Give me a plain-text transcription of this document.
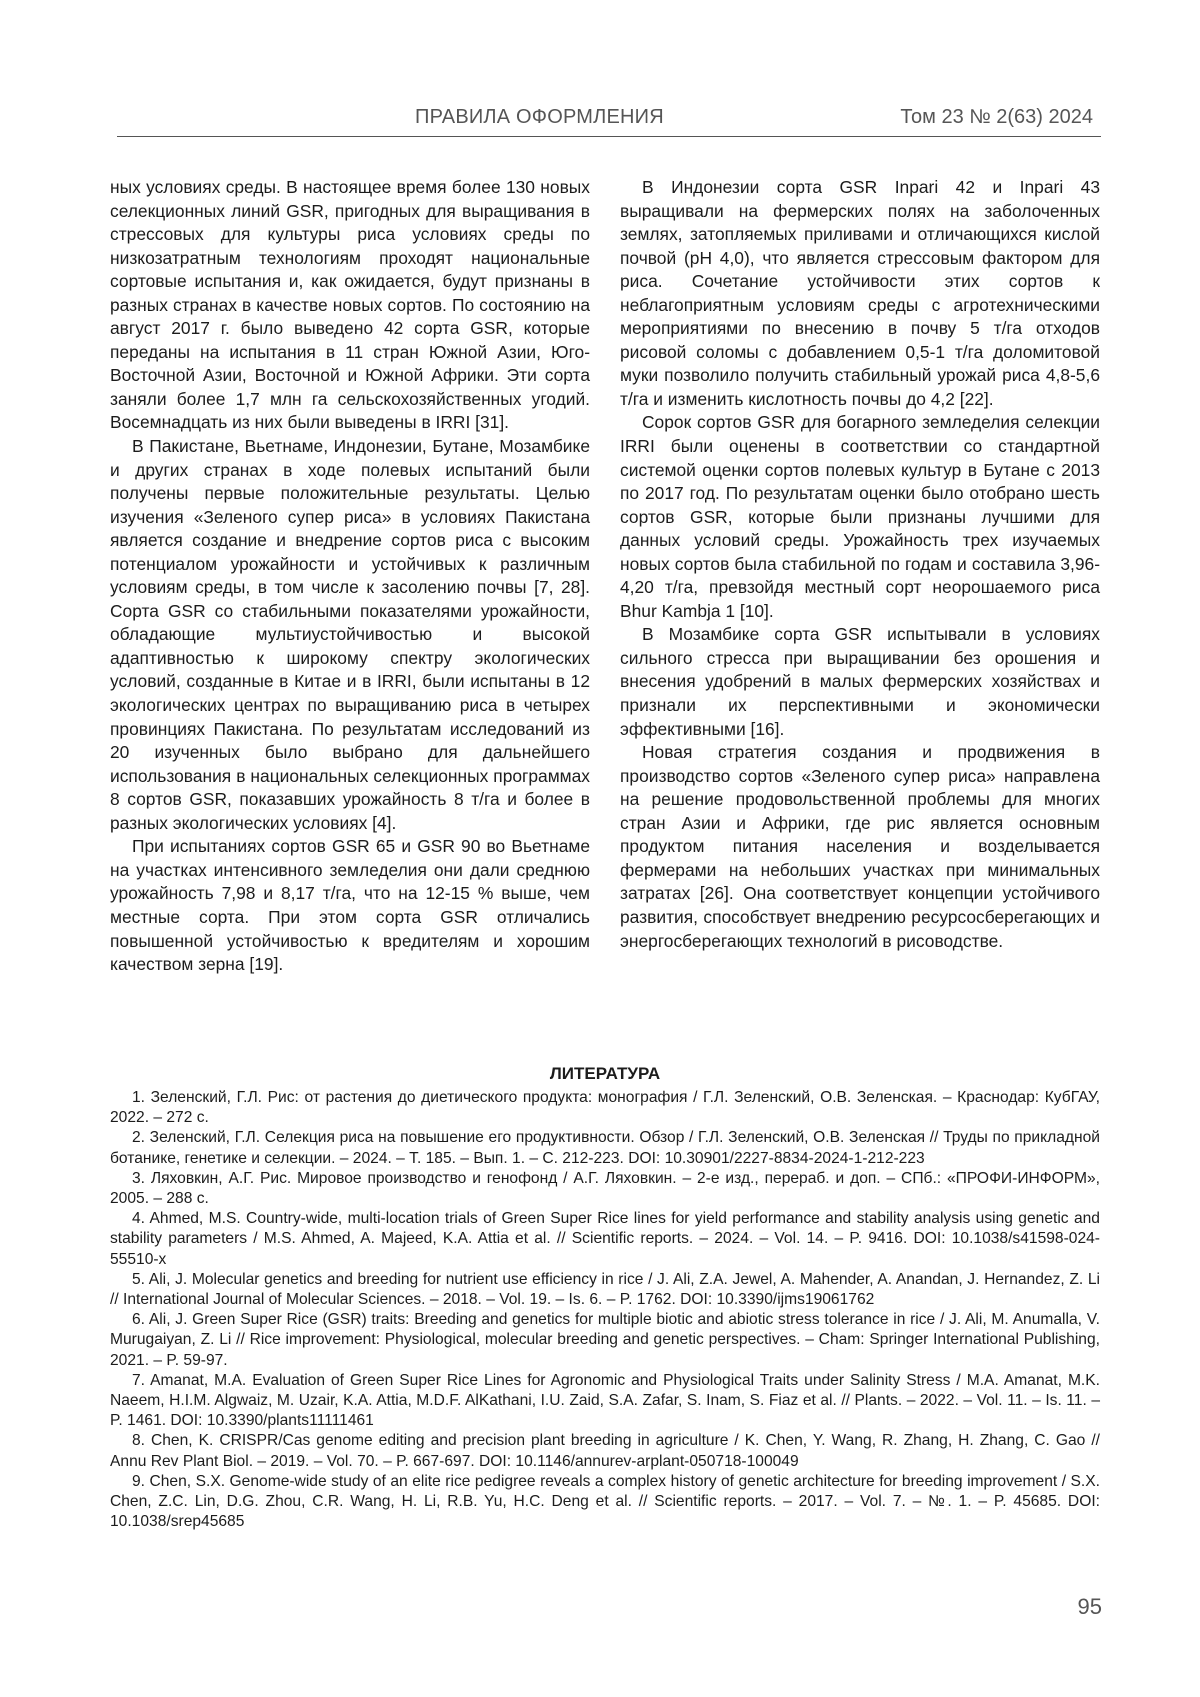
ПРАВИЛА ОФОРМЛЕНИЯ	Том 23 № 2(63) 2024

ных условиях среды. В настоящее время более 130 новых селекционных линий GSR, пригодных для выращивания в стрессовых для культуры риса условиях среды по низкозатратным технологиям проходят национальные сортовые испытания и, как ожидается, будут признаны в разных странах в качестве новых сортов. По состоянию на август 2017 г. было выведено 42 сорта GSR, которые переданы на испытания в 11 стран Южной Азии, Юго-Восточной Азии, Восточной и Южной Африки. Эти сорта заняли более 1,7 млн га сельскохозяйственных угодий. Восемнадцать из них были выведены в IRRI [31].

В Пакистане, Вьетнаме, Индонезии, Бутане, Мозамбике и других странах в ходе полевых испытаний были получены первые положительные результаты. Целью изучения «Зеленого супер риса» в условиях Пакистана является создание и внедрение сортов риса с высоким потенциалом урожайности и устойчивых к различным условиям среды, в том числе к засолению почвы [7, 28]. Сорта GSR со стабильными показателями урожайности, обладающие мультиустойчивостью и высокой адаптивностью к широкому спектру экологических условий, созданные в Китае и в IRRI, были испытаны в 12 экологических центрах по выращиванию риса в четырех провинциях Пакистана. По результатам исследований из 20 изученных было выбрано для дальнейшего использования в национальных селекционных программах 8 сортов GSR, показавших урожайность 8 т/га и более в разных экологических условиях [4].

При испытаниях сортов GSR 65 и GSR 90 во Вьетнаме на участках интенсивного земледелия они дали среднюю урожайность 7,98 и 8,17 т/га, что на 12-15 % выше, чем местные сорта. При этом сорта GSR отличались повышенной устойчивостью к вредителям и хорошим качеством зерна [19].

В Индонезии сорта GSR Inpari 42 и Inpari 43 выращивали на фермерских полях на заболоченных землях, затопляемых приливами и отличающихся кислой почвой (pH 4,0), что является стрессовым фактором для риса. Сочетание устойчивости этих сортов к неблагоприятным условиям среды с агротехническими мероприятиями по внесению в почву 5 т/га отходов рисовой соломы с добавлением 0,5-1 т/га доломитовой муки позволило получить стабильный урожай риса 4,8-5,6 т/га и изменить кислотность почвы до 4,2 [22].

Сорок сортов GSR для богарного земледелия селекции IRRI были оценены в соответствии со стандартной системой оценки сортов полевых культур в Бутане с 2013 по 2017 год. По результатам оценки было отобрано шесть сортов GSR, которые были признаны лучшими для данных условий среды. Урожайность трех изучаемых новых сортов была стабильной по годам и составила 3,96-4,20 т/га, превзойдя местный сорт неорошаемого риса Bhur Kambja 1 [10].

В Мозамбике сорта GSR испытывали в условиях сильного стресса при выращивании без орошения и внесения удобрений в малых фермерских хозяйствах и признали их перспективными и экономически эффективными [16].

Новая стратегия создания и продвижения в производство сортов «Зеленого супер риса» направлена на решение продовольственной проблемы для многих стран Азии и Африки, где рис является основным продуктом питания населения и возделывается фермерами на небольших участках при минимальных затратах [26]. Она соответствует концепции устойчивого развития, способствует внедрению ресурсосберегающих и энергосберегающих технологий в рисоводстве.

ЛИТЕРАТУРА

1. Зеленский, Г.Л. Рис: от растения до диетического продукта: монография / Г.Л. Зеленский, О.В. Зеленская. – Краснодар: КубГАУ, 2022. – 272 с.

2. Зеленский, Г.Л. Селекция риса на повышение его продуктивности. Обзор / Г.Л. Зеленский, О.В. Зеленская // Труды по прикладной ботанике, генетике и селекции. – 2024. – Т. 185. – Вып. 1. – С. 212-223. DOI: 10.30901/2227-8834-2024-1-212-223

3. Ляховкин, А.Г. Рис. Мировое производство и генофонд / А.Г. Ляховкин. – 2-е изд., перераб. и доп. – СПб.: «ПРОФИ-ИНФОРМ», 2005. – 288 с.

4. Ahmed, M.S. Country-wide, multi-location trials of Green Super Rice lines for yield performance and stability analysis using genetic and stability parameters / M.S. Ahmed, A. Majeed, K.A. Attia et al. // Scientific reports. – 2024. – Vol. 14. – P. 9416. DOI: 10.1038/s41598-024-55510-x

5. Ali, J. Molecular genetics and breeding for nutrient use efficiency in rice / J. Ali, Z.A. Jewel, A. Mahender, A. Anandan, J. Hernandez, Z. Li // International Journal of Molecular Sciences. – 2018. – Vol. 19. – Is. 6. – P. 1762. DOI: 10.3390/ijms19061762

6. Ali, J. Green Super Rice (GSR) traits: Breeding and genetics for multiple biotic and abiotic stress tolerance in rice / J. Ali, M. Anumalla, V. Murugaiyan, Z. Li // Rice improvement: Physiological, molecular breeding and genetic perspectives. – Cham: Springer International Publishing, 2021. – P. 59-97.

7. Amanat, M.A. Evaluation of Green Super Rice Lines for Agronomic and Physiological Traits under Salinity Stress / M.A. Amanat, M.K. Naeem, H.I.M. Algwaiz, M. Uzair, K.A. Attia, M.D.F. AlKathani, I.U. Zaid, S.A. Zafar, S. Inam, S. Fiaz et al. // Plants. – 2022. – Vol. 11. – Is. 11. – P. 1461. DOI: 10.3390/plants11111461

8. Chen, K. CRISPR/Cas genome editing and precision plant breeding in agriculture / K. Chen, Y. Wang, R. Zhang, H. Zhang, C. Gao // Annu Rev Plant Biol. – 2019. – Vol. 70. – P. 667-697. DOI: 10.1146/annurev-arplant-050718-100049

9. Chen, S.X. Genome-wide study of an elite rice pedigree reveals a complex history of genetic architecture for breeding improvement / S.X. Chen, Z.C. Lin, D.G. Zhou, C.R. Wang, H. Li, R.B. Yu, H.C. Deng et al. // Scientific reports. – 2017. – Vol. 7. – №. 1. – P. 45685. DOI: 10.1038/srep45685

95
